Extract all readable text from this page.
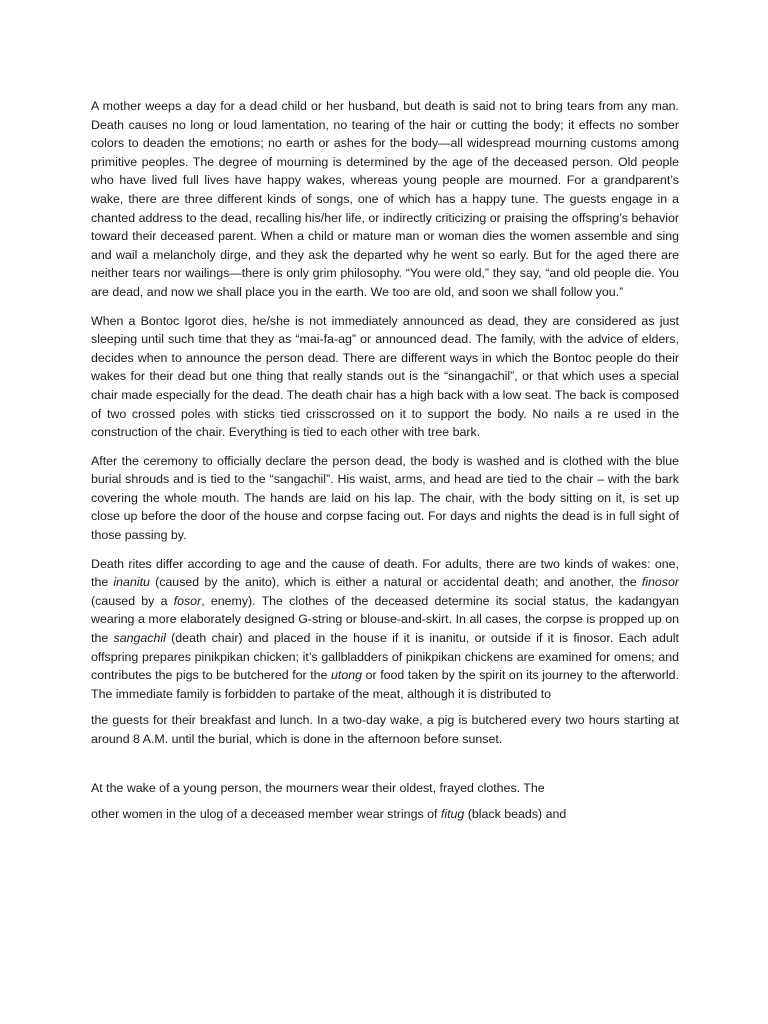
A mother weeps a day for a dead child or her husband, but death is said not to bring tears from any man. Death causes no long or loud lamentation, no tearing of the hair or cutting the body; it effects no somber colors to deaden the emotions; no earth or ashes for the body—all widespread mourning customs among primitive peoples. The degree of mourning is determined by the age of the deceased person. Old people who have lived full lives have happy wakes, whereas young people are mourned. For a grandparent’s wake, there are three different kinds of songs, one of which has a happy tune. The guests engage in a chanted address to the dead, recalling his/her life, or indirectly criticizing or praising the offspring’s behavior toward their deceased parent. When a child or mature man or woman dies the women assemble and sing and wail a melancholy dirge, and they ask the departed why he went so early. But for the aged there are neither tears nor wailings—there is only grim philosophy. “You were old,” they say, “and old people die. You are dead, and now we shall place you in the earth. We too are old, and soon we shall follow you.”

When a Bontoc Igorot dies, he/she is not immediately announced as dead, they are considered as just sleeping until such time that they as “mai-fa-ag” or announced dead. The family, with the advice of elders, decides when to announce the person dead. There are different ways in which the Bontoc people do their wakes for their dead but one thing that really stands out is the “sinangachil”, or that which uses a special chair made especially for the dead. The death chair has a high back with a low seat. The back is composed of two crossed poles with sticks tied crisscrossed on it to support the body. No nails a re used in the construction of the chair. Everything is tied to each other with tree bark.

After the ceremony to officially declare the person dead, the body is washed and is clothed with the blue burial shrouds and is tied to the “sangachil”. His waist, arms, and head are tied to the chair – with the bark covering the whole mouth. The hands are laid on his lap. The chair, with the body sitting on it, is set up close up before the door of the house and corpse facing out. For days and nights the dead is in full sight of those passing by.

Death rites differ according to age and the cause of death. For adults, there are two kinds of wakes: one, the inanitu (caused by the anito), which is either a natural or accidental death; and another, the finosor (caused by a fosor, enemy). The clothes of the deceased determine its social status, the kadangyan wearing a more elaborately designed G-string or blouse-and-skirt. In all cases, the corpse is propped up on the sangachil (death chair) and placed in the house if it is inanitu, or outside if it is finosor. Each adult offspring prepares pinikpikan chicken; it’s gallbladders of pinikpikan chickens are examined for omens; and contributes the pigs to be butchered for the utong or food taken by the spirit on its journey to the afterworld. The immediate family is forbidden to partake of the meat, although it is distributed to

the guests for their breakfast and lunch. In a two-day wake, a pig is butchered every two hours starting at around 8 A.M. until the burial, which is done in the afternoon before sunset.

At the wake of a young person, the mourners wear their oldest, frayed clothes. The

other women in the ulog of a deceased member wear strings of fitug (black beads) and
